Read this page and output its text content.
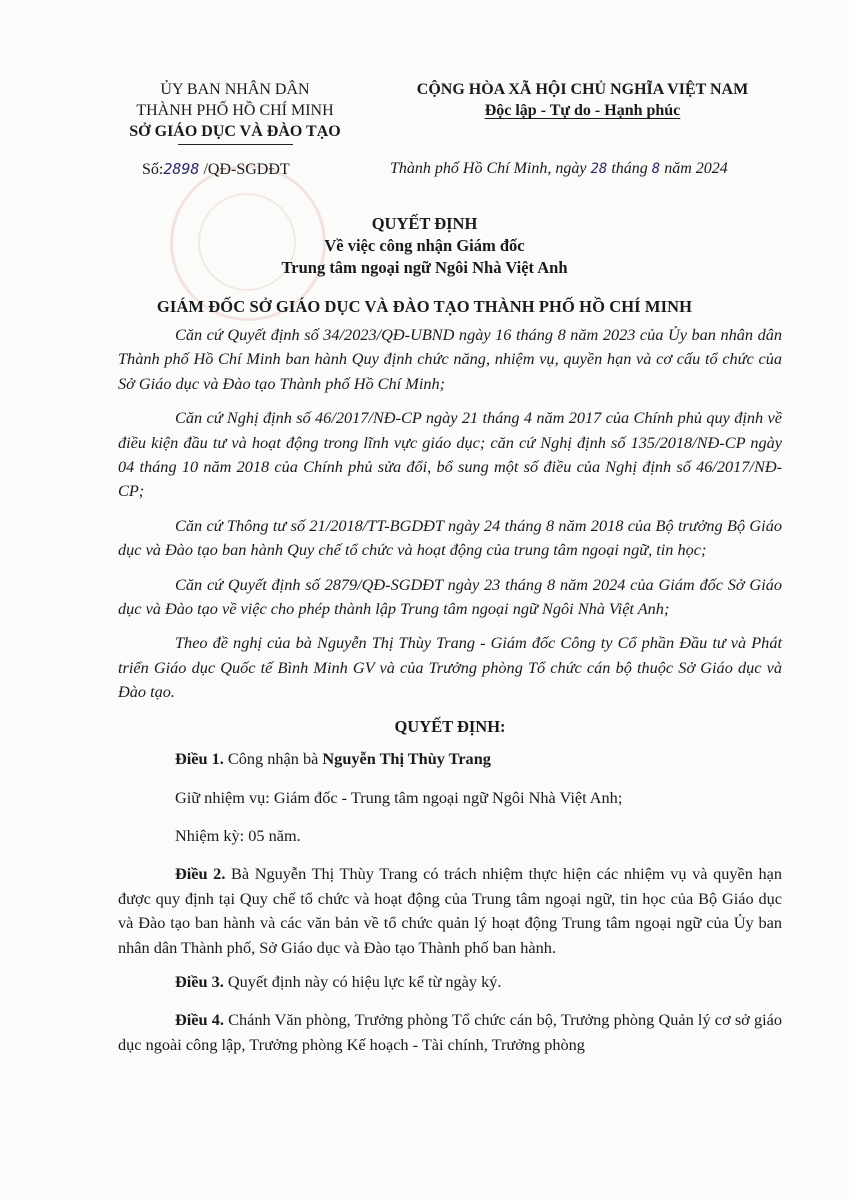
ỦY BAN NHÂN DÂN
THÀNH PHỐ HỒ CHÍ MINH
SỞ GIÁO DỤC VÀ ĐÀO TẠO
CỘNG HÒA XÃ HỘI CHỦ NGHĨA VIỆT NAM
Độc lập - Tự do - Hạnh phúc
Số:2898 /QĐ-SGDĐT	Thành phố Hồ Chí Minh, ngày 28 tháng 8 năm 2024
QUYẾT ĐỊNH
Về việc công nhận Giám đốc
Trung tâm ngoại ngữ Ngôi Nhà Việt Anh
GIÁM ĐỐC SỞ GIÁO DỤC VÀ ĐÀO TẠO THÀNH PHỐ HỒ CHÍ MINH

Căn cứ Quyết định số 34/2023/QĐ-UBND ngày 16 tháng 8 năm 2023 của Ủy ban nhân dân Thành phố Hồ Chí Minh ban hành Quy định chức năng, nhiệm vụ, quyền hạn và cơ cấu tổ chức của Sở Giáo dục và Đào tạo Thành phố Hồ Chí Minh;

Căn cứ Nghị định số 46/2017/NĐ-CP ngày 21 tháng 4 năm 2017 của Chính phủ quy định về điều kiện đầu tư và hoạt động trong lĩnh vực giáo dục; căn cứ Nghị định số 135/2018/NĐ-CP ngày 04 tháng 10 năm 2018 của Chính phủ sửa đổi, bổ sung một số điều của Nghị định số 46/2017/NĐ-CP;

Căn cứ Thông tư số 21/2018/TT-BGDĐT ngày 24 tháng 8 năm 2018 của Bộ trưởng Bộ Giáo dục và Đào tạo ban hành Quy chế tổ chức và hoạt động của trung tâm ngoại ngữ, tin học;

Căn cứ Quyết định số 2879/QĐ-SGDĐT ngày 23 tháng 8 năm 2024 của Giám đốc Sở Giáo dục và Đào tạo về việc cho phép thành lập Trung tâm ngoại ngữ Ngôi Nhà Việt Anh;

Theo đề nghị của bà Nguyễn Thị Thùy Trang - Giám đốc Công ty Cổ phần Đầu tư và Phát triển Giáo dục Quốc tế Bình Minh GV và của Trưởng phòng Tổ chức cán bộ thuộc Sở Giáo dục và Đào tạo.

QUYẾT ĐỊNH:

Điều 1. Công nhận bà Nguyễn Thị Thùy Trang

Giữ nhiệm vụ: Giám đốc - Trung tâm ngoại ngữ Ngôi Nhà Việt Anh;

Nhiệm kỳ: 05 năm.

Điều 2. Bà Nguyễn Thị Thùy Trang có trách nhiệm thực hiện các nhiệm vụ và quyền hạn được quy định tại Quy chế tổ chức và hoạt động của Trung tâm ngoại ngữ, tin học của Bộ Giáo dục và Đào tạo ban hành và các văn bản về tổ chức quản lý hoạt động Trung tâm ngoại ngữ của Ủy ban nhân dân Thành phố, Sở Giáo dục và Đào tạo Thành phố ban hành.

Điều 3. Quyết định này có hiệu lực kể từ ngày ký.

Điều 4. Chánh Văn phòng, Trưởng phòng Tổ chức cán bộ, Trưởng phòng Quản lý cơ sở giáo dục ngoài công lập, Trưởng phòng Kế hoạch - Tài chính, Trưởng phòng
